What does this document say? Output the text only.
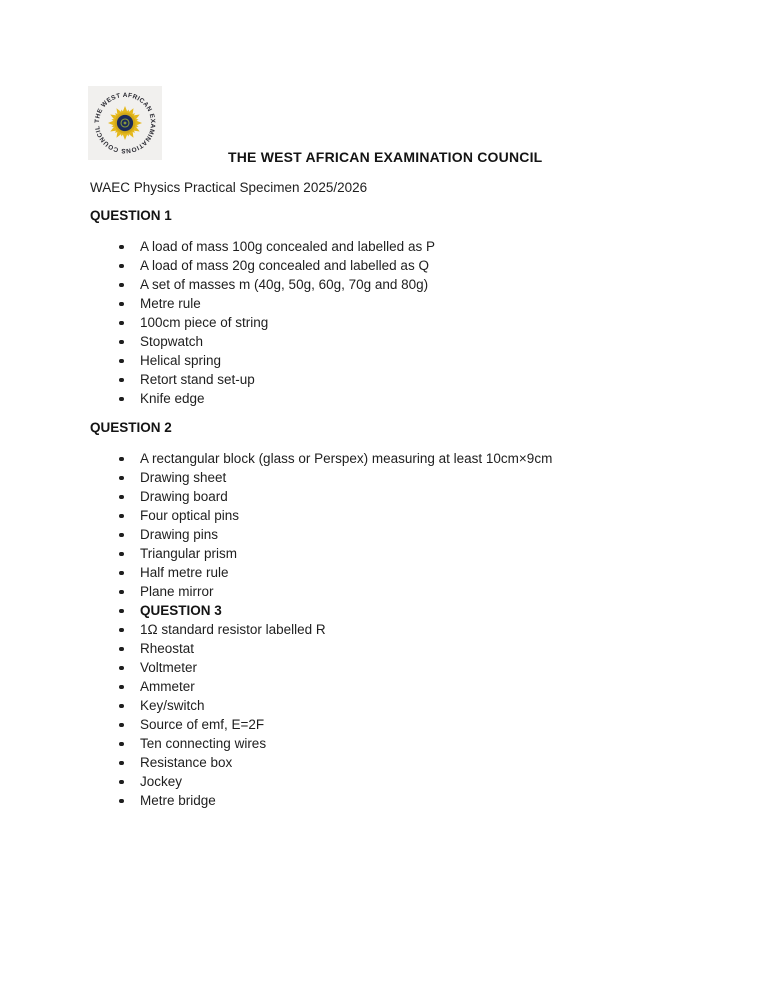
THE WEST AFRICAN EXAMINATIONS COUNCIL
THE WEST AFRICAN EXAMINATION COUNCIL
WAEC Physics Practical Specimen 2025/2026
QUESTION 1
A load of mass 100g concealed and labelled as P
A load of mass 20g concealed and labelled as Q
A set of masses m (40g, 50g, 60g, 70g and 80g)
Metre rule
100cm piece of string
Stopwatch
Helical spring
Retort stand set-up
Knife edge
QUESTION 2
A rectangular block (glass or Perspex) measuring at least 10cm×9cm
Drawing sheet
Drawing board
Four optical pins
Drawing pins
Triangular prism
Half metre rule
Plane mirror
QUESTION 3
1Ω standard resistor labelled R
Rheostat
Voltmeter
Ammeter
Key/switch
Source of emf, E=2F
Ten connecting wires
Resistance box
Jockey
Metre bridge
